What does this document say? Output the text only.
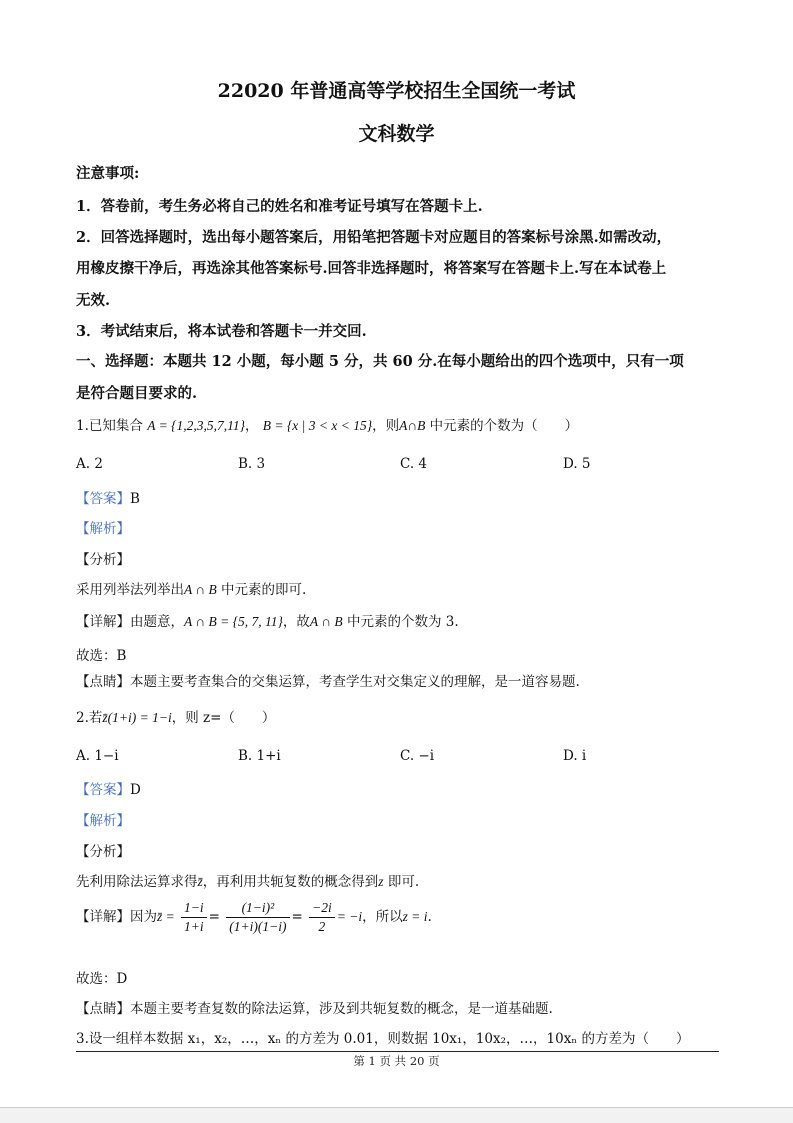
22020 年普通高等学校招生全国统一考试
文科数学
注意事项:
1．答卷前，考生务必将自己的姓名和准考证号填写在答题卡上.
2．回答选择题时，选出每小题答案后，用铅笔把答题卡对应题目的答案标号涂黑.如需改动，
用橡皮擦干净后，再选涂其他答案标号.回答非选择题时，将答案写在答题卡上.写在本试卷上
无效.
3．考试结束后，将本试卷和答题卡一并交回.
一、选择题：本题共 12 小题，每小题 5 分，共 60 分.在每小题给出的四个选项中，只有一项
是符合题目要求的.
1.已知集合 A = {1,2,3,5,7,11}， B = {x | 3 < x < 15}，则A∩B 中元素的个数为（　　）
A. 2	B. 3	C. 4	D. 5
【答案】B
【解析】
【分析】
采用列举法列举出A ∩ B 中元素的即可.
【详解】由题意，A ∩ B = {5, 7, 11}，故A ∩ B 中元素的个数为 3.
故选：B
【点睛】本题主要考查集合的交集运算，考查学生对交集定义的理解，是一道容易题.
2.若z̄(1+i) = 1−i，则 z=（　　）
A. 1−i	B. 1+i	C. −i	D. i
【答案】D
【解析】
【分析】
先利用除法运算求得z̄，再利用共轭复数的概念得到z 即可.
【详解】因为z̄ = $\frac{1-i}{1+i} = \frac{\text{(1−i)²}}{(1+i)(1-i)} = \frac{-2i}{2} = -i$，所以z = i.
故选：D
【点睛】本题主要考查复数的除法运算，涉及到共轭复数的概念，是一道基础题.
3.设一组样本数据 x₁，x₂，…，xₙ 的方差为 0.01，则数据 10x₁，10x₂，…，10xₙ 的方差为（　　）
第 1 页 共 20 页
